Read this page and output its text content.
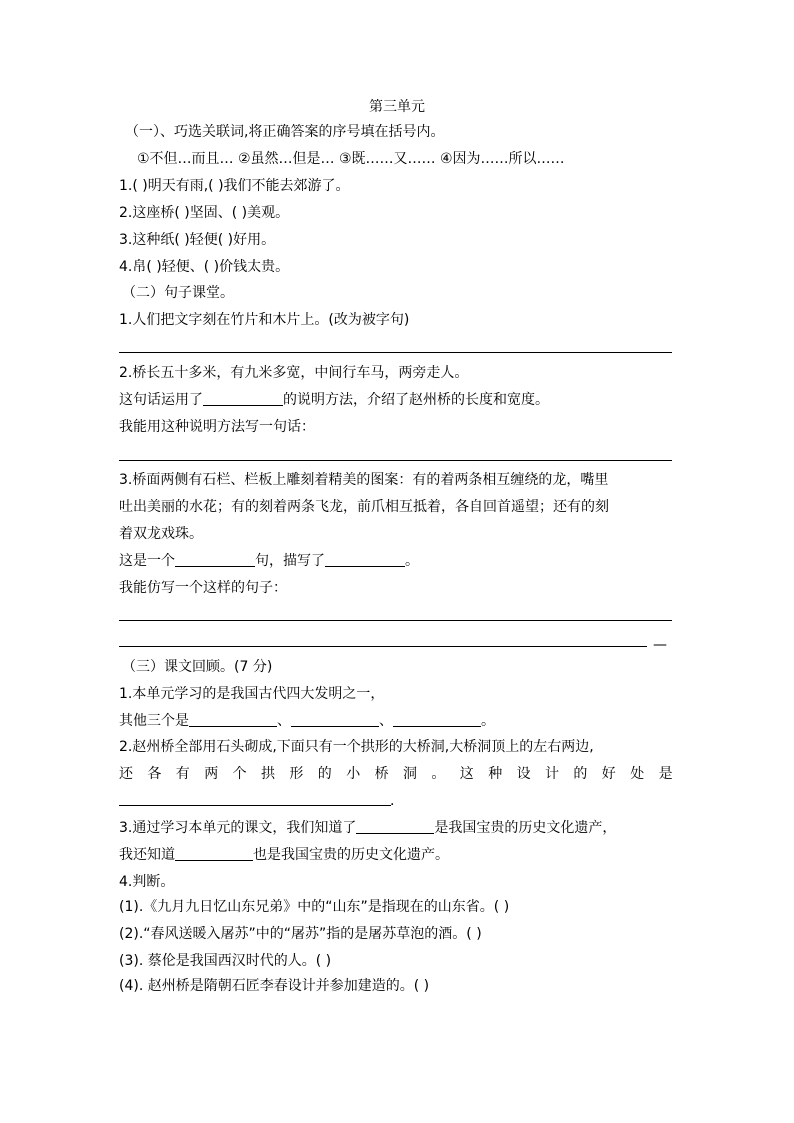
第三单元
（一）、巧选关联词,将正确答案的序号填在括号内。
①不但…而且… ②虽然…但是… ③既……又…… ④因为……所以……
1.( )明天有雨,( )我们不能去郊游了。
2.这座桥( )坚固、( )美观。
3.这种纸( )轻便( )好用。
4.帛( )轻便、( )价钱太贵。
（二）句子课堂。
1.人们把文字刻在竹片和木片上。(改为被字句)
2.桥长五十多米，有九米多宽，中间行车马，两旁走人。
这句话运用了	的说明方法，介绍了赵州桥的长度和宽度。
我能用这种说明方法写一句话：
3.桥面两侧有石栏、栏板上雕刻着精美的图案：有的着两条相互缠绕的龙，嘴里
吐出美丽的水花；有的刻着两条飞龙，前爪相互抵着，各自回首遥望；还有的刻
着双龙戏珠。
这是一个	句，描写了	。
我能仿写一个这样的句子：
—
（三）课文回顾。(7 分)
1.本单元学习的是我国古代四大发明之一，
其他三个是	、	、	。
2.赵州桥全部用石头砌成,下面只有一个拱形的大桥洞,大桥洞顶上的左右两边,
还各有两个拱形的小桥洞。这种设计的好处是
.
3.通过学习本单元的课文，我们知道了	是我国宝贵的历史文化遗产，
我还知道	也是我国宝贵的历史文化遗产。
4.判断。
(1).《九月九日忆山东兄弟》中的“山东”是指现在的山东省。( )
(2).“春风送暖入屠苏”中的“屠苏”指的是屠苏草泡的酒。( )
(3). 蔡伦是我国西汉时代的人。( )
(4). 赵州桥是隋朝石匠李春设计并参加建造的。( )
